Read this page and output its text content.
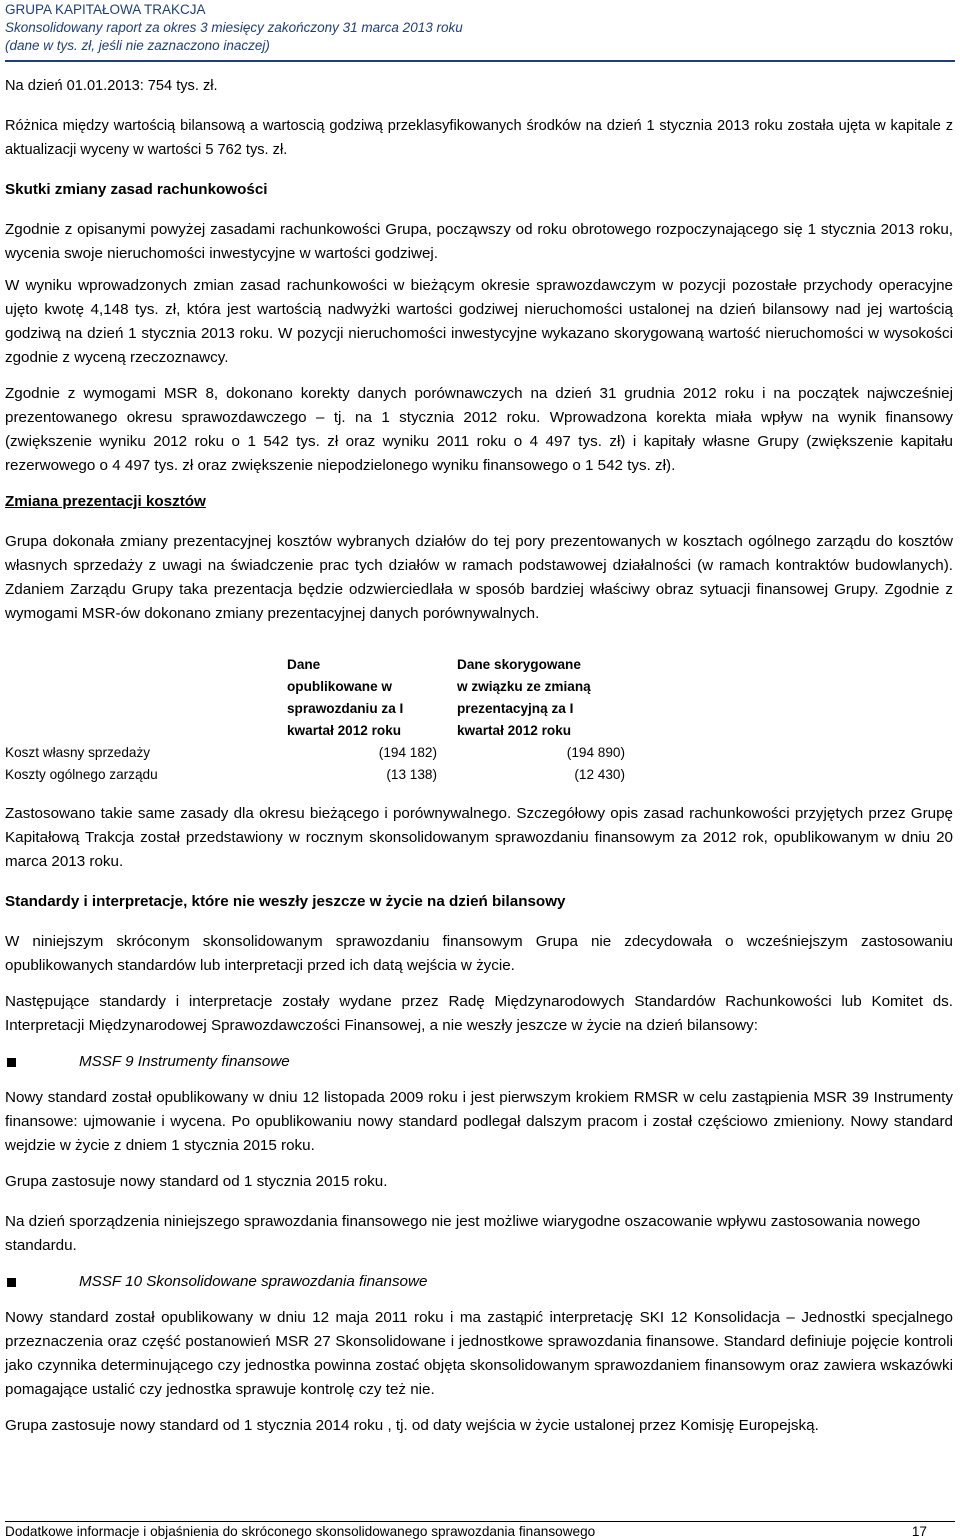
GRUPA KAPITAŁOWA TRAKCJA
Skonsolidowany raport za okres 3 miesięcy zakończony 31 marca 2013 roku
(dane w tys. zł, jeśli nie zaznaczono inaczej)

Na dzień 01.01.2013: 754 tys. zł.

Różnica między wartością bilansową a wartoscią godziwą przeklasyfikowanych środków na dzień 1 stycznia 2013 roku została ujęta w kapitale z aktualizacji wyceny w wartości 5 762 tys. zł.

Skutki zmiany zasad rachunkowości

Zgodnie z opisanymi powyżej zasadami rachunkowości Grupa, począwszy od roku obrotowego rozpoczynającego się 1 stycznia 2013 roku, wycenia swoje nieruchomości inwestycyjne w wartości godziwej.

W wyniku wprowadzonych zmian zasad rachunkowości w bieżącym okresie sprawozdawczym w pozycji pozostałe przychody operacyjne ujęto kwotę 4,148 tys. zł, która jest wartością nadwyżki wartości godziwej nieruchomości ustalonej na dzień bilansowy nad jej wartością godziwą na dzień 1 stycznia 2013 roku. W pozycji nieruchomości inwestycyjne wykazano skorygowaną wartość nieruchomości w wysokości zgodnie z wyceną rzeczoznawcy.

Zgodnie z wymogami MSR 8, dokonano korekty danych porównawczych na dzień 31 grudnia 2012 roku i na początek najwcześniej prezentowanego okresu sprawozdawczego – tj. na 1 stycznia 2012 roku. Wprowadzona korekta miała wpływ na wynik finansowy (zwiększenie wyniku 2012 roku o 1 542 tys. zł oraz wyniku 2011 roku o 4 497 tys. zł) i kapitały własne Grupy (zwiększenie kapitału rezerwowego o 4 497 tys. zł oraz zwiększenie niepodzielonego wyniku finansowego o 1 542 tys. zł).

Zmiana prezentacji kosztów

Grupa dokonała zmiany prezentacyjnej kosztów wybranych działów do tej pory prezentowanych w kosztach ogólnego zarządu do kosztów własnych sprzedaży z uwagi na świadczenie prac tych działów w ramach podstawowej działalności (w ramach kontraktów budowlanych). Zdaniem Zarządu Grupy taka prezentacja będzie odzwierciedlała w sposób bardziej właściwy obraz sytuacji finansowej Grupy. Zgodnie z wymogami MSR-ów dokonano zmiany prezentacyjnej danych porównywalnych.

	Dane	Dane skorygowane
	opublikowane w	w związku ze zmianą
	sprawozdaniu za I	prezentacyjną za I
	kwartał 2012 roku	kwartał 2012 roku
Koszt własny sprzedaży	(194 182)	(194 890)
Koszty ogólnego zarządu	(13 138)	(12 430)

Zastosowano takie same zasady dla okresu bieżącego i porównywalnego. Szczegółowy opis zasad rachunkowości przyjętych przez Grupę Kapitałową Trakcja został przedstawiony w rocznym skonsolidowanym sprawozdaniu finansowym za 2012 rok, opublikowanym w dniu 20 marca 2013 roku.

Standardy i interpretacje, które nie weszły jeszcze w życie na dzień bilansowy

W niniejszym skróconym skonsolidowanym sprawozdaniu finansowym Grupa nie zdecydowała o wcześniejszym zastosowaniu opublikowanych standardów lub interpretacji przed ich datą wejścia w życie.

Następujące standardy i interpretacje zostały wydane przez Radę Międzynarodowych Standardów Rachunkowości lub Komitet ds. Interpretacji Międzynarodowej Sprawozdawczości Finansowej, a nie weszły jeszcze w życie na dzień bilansowy:

MSSF 9 Instrumenty finansowe

Nowy standard został opublikowany w dniu 12 listopada 2009 roku i jest pierwszym krokiem RMSR w celu zastąpienia MSR 39 Instrumenty finansowe: ujmowanie i wycena. Po opublikowaniu nowy standard podlegał dalszym pracom i został częściowo zmieniony. Nowy standard wejdzie w życie z dniem 1 stycznia 2015 roku.

Grupa zastosuje nowy standard od 1 stycznia 2015 roku.

Na dzień sporządzenia niniejszego sprawozdania finansowego nie jest możliwe wiarygodne oszacowanie wpływu zastosowania nowego standardu.

MSSF 10 Skonsolidowane sprawozdania finansowe

Nowy standard został opublikowany w dniu 12 maja 2011 roku i ma zastąpić interpretację SKI 12 Konsolidacja – Jednostki specjalnego przeznaczenia oraz część postanowień MSR 27 Skonsolidowane i jednostkowe sprawozdania finansowe. Standard definiuje pojęcie kontroli jako czynnika determinującego czy jednostka powinna zostać objęta skonsolidowanym sprawozdaniem finansowym oraz zawiera wskazówki pomagające ustalić czy jednostka sprawuje kontrolę czy też nie.

Grupa zastosuje nowy standard od 1 stycznia 2014 roku , tj. od daty wejścia w życie ustalonej przez Komisję Europejską.

Dodatkowe informacje i objaśnienia do skróconego skonsolidowanego sprawozdania finansowego	17
